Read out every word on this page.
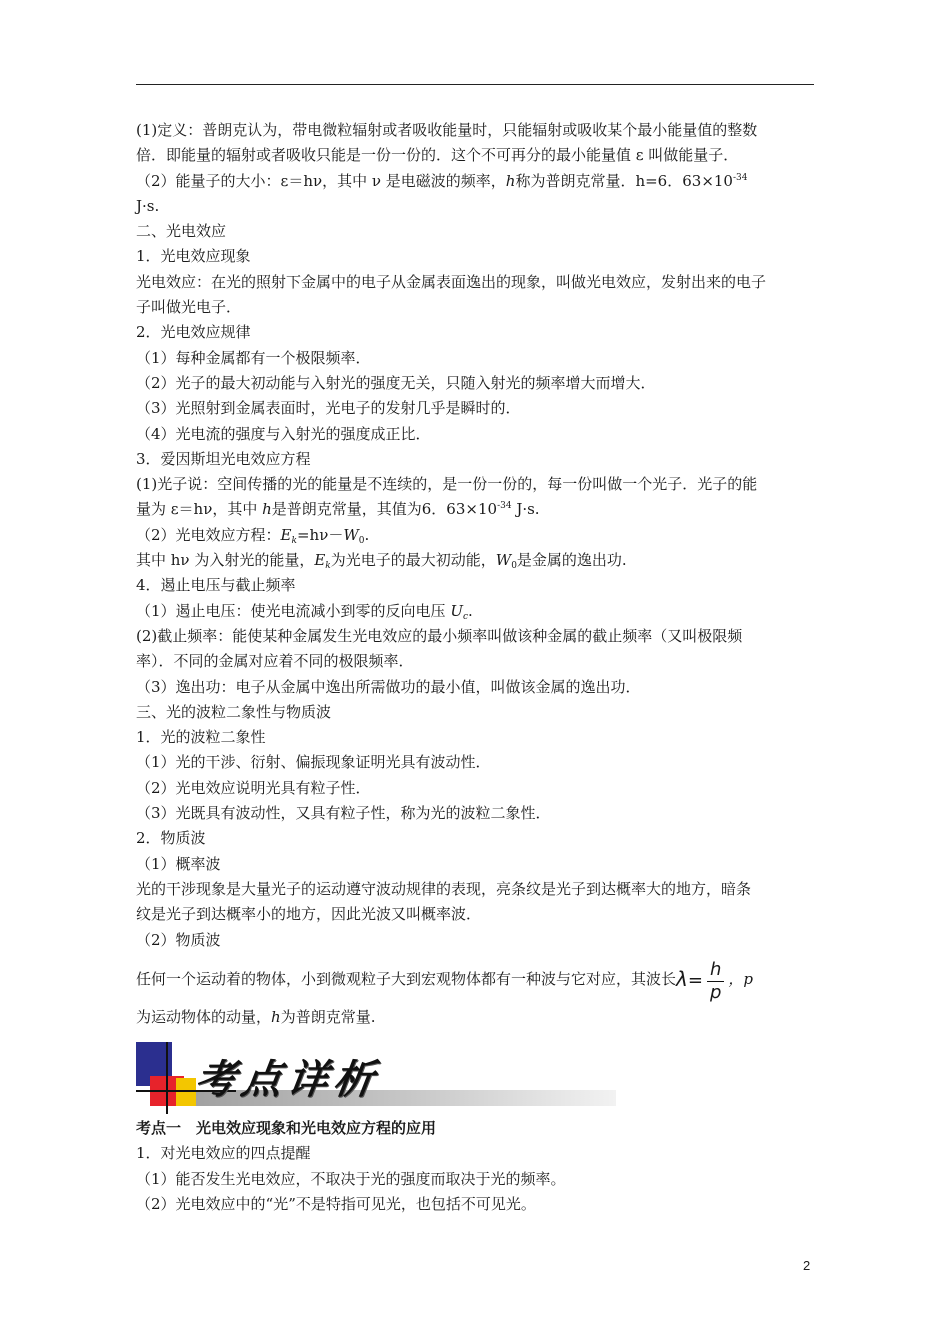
(1)定义：普朗克认为，带电微粒辐射或者吸收能量时，只能辐射或吸收某个最小能量值的整数
倍．即能量的辐射或者吸收只能是一份一份的．这个不可再分的最小能量值 ε 叫做能量子．
（2）能量子的大小：ε＝hν，其中 ν 是电磁波的频率，h称为普朗克常量．h=6．$63\times 10^{-34}$
J·s.
二、光电效应
1．光电效应现象
光电效应：在光的照射下金属中的电子从金属表面逸出的现象，叫做光电效应，发射出来的电子
子叫做光电子．
2．光电效应规律
（1）每种金属都有一个极限频率．
（2）光子的最大初动能与入射光的强度无关，只随入射光的频率增大而增大．
（3）光照射到金属表面时，光电子的发射几乎是瞬时的．
（4）光电流的强度与入射光的强度成正比．
3．爱因斯坦光电效应方程
(1)光子说：空间传播的光的能量是不连续的，是一份一份的，每一份叫做一个光子．光子的能
量为 ε＝hν，其中 h是普朗克常量，其值为6．$63\times 10^{-34}$ J·s.
（2）光电效应方程：$E_k=h\nu-W_0$.
其中 hν 为入射光的能量，$E_k$为光电子的最大初动能，$W_0$是金属的逸出功.
4．遏止电压与截止频率
（1）遏止电压：使光电流减小到零的反向电压 $U_c$.
(2)截止频率：能使某种金属发生光电效应的最小频率叫做该种金属的截止频率（又叫极限频
率）．不同的金属对应着不同的极限频率．
（3）逸出功：电子从金属中逸出所需做功的最小值，叫做该金属的逸出功．
三、光的波粒二象性与物质波
1．光的波粒二象性
（1）光的干涉、衍射、偏振现象证明光具有波动性．
（2）光电效应说明光具有粒子性．
（3）光既具有波动性，又具有粒子性，称为光的波粒二象性．
2．物质波
（1）概率波
光的干涉现象是大量光子的运动遵守波动规律的表现，亮条纹是光子到达概率大的地方，暗条
纹是光子到达概率小的地方，因此光波又叫概率波．
（2）物质波
任何一个运动着的物体，小到微观粒子大到宏观物体都有一种波与它对应，其波长$\lambda= \frac{h}{p}$ ，p
为运动物体的动量，h为普朗克常量.
考点详析
考点一　光电效应现象和光电效应方程的应用
1．对光电效应的四点提醒
（1）能否发生光电效应，不取决于光的强度而取决于光的频率。
（2）光电效应中的“光”不是特指可见光，也包括不可见光。
2
